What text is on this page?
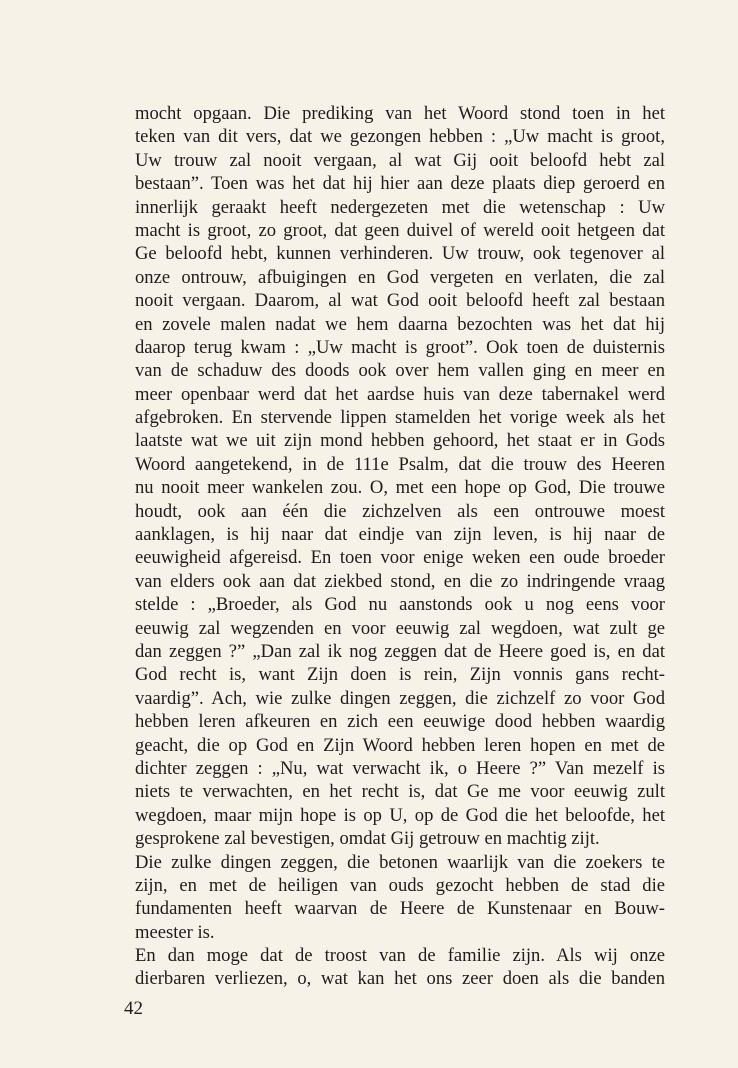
mocht opgaan. Die prediking van het Woord stond toen in het
teken van dit vers, dat we gezongen hebben : „Uw macht is groot,
Uw trouw zal nooit vergaan, al wat Gij ooit beloofd hebt zal
bestaan”. Toen was het dat hij hier aan deze plaats diep geroerd en
innerlijk geraakt heeft nedergezeten met die wetenschap : Uw
macht is groot, zo groot, dat geen duivel of wereld ooit hetgeen dat
Ge beloofd hebt, kunnen verhinderen. Uw trouw, ook tegenover al
onze ontrouw, afbuigingen en God vergeten en verlaten, die zal
nooit vergaan. Daarom, al wat God ooit beloofd heeft zal bestaan
en zovele malen nadat we hem daarna bezochten was het dat hij
daarop terug kwam : „Uw macht is groot”. Ook toen de duisternis
van de schaduw des doods ook over hem vallen ging en meer en
meer openbaar werd dat het aardse huis van deze tabernakel werd
afgebroken. En stervende lippen stamelden het vorige week als het
laatste wat we uit zijn mond hebben gehoord, het staat er in Gods
Woord aangetekend, in de 111e Psalm, dat die trouw des Heeren
nu nooit meer wankelen zou. O, met een hope op God, Die trouwe
houdt, ook aan één die zichzelven als een ontrouwe moest
aanklagen, is hij naar dat eindje van zijn leven, is hij naar de
eeuwigheid afgereisd. En toen voor enige weken een oude broeder
van elders ook aan dat ziekbed stond, en die zo indringende vraag
stelde : „Broeder, als God nu aanstonds ook u nog eens voor
eeuwig zal wegzenden en voor eeuwig zal wegdoen, wat zult ge
dan zeggen ?” „Dan zal ik nog zeggen dat de Heere goed is, en dat
God recht is, want Zijn doen is rein, Zijn vonnis gans recht-
vaardig”. Ach, wie zulke dingen zeggen, die zichzelf zo voor God
hebben leren afkeuren en zich een eeuwige dood hebben waardig
geacht, die op God en Zijn Woord hebben leren hopen en met de
dichter zeggen : „Nu, wat verwacht ik, o Heere ?” Van mezelf is
niets te verwachten, en het recht is, dat Ge me voor eeuwig zult
wegdoen, maar mijn hope is op U, op de God die het beloofde, het
gesprokene zal bevestigen, omdat Gij getrouw en machtig zijt.
Die zulke dingen zeggen, die betonen waarlijk van die zoekers te
zijn, en met de heiligen van ouds gezocht hebben de stad die
fundamenten heeft waarvan de Heere de Kunstenaar en Bouw-
meester is.
En dan moge dat de troost van de familie zijn. Als wij onze
dierbaren verliezen, o, wat kan het ons zeer doen als die banden
42
